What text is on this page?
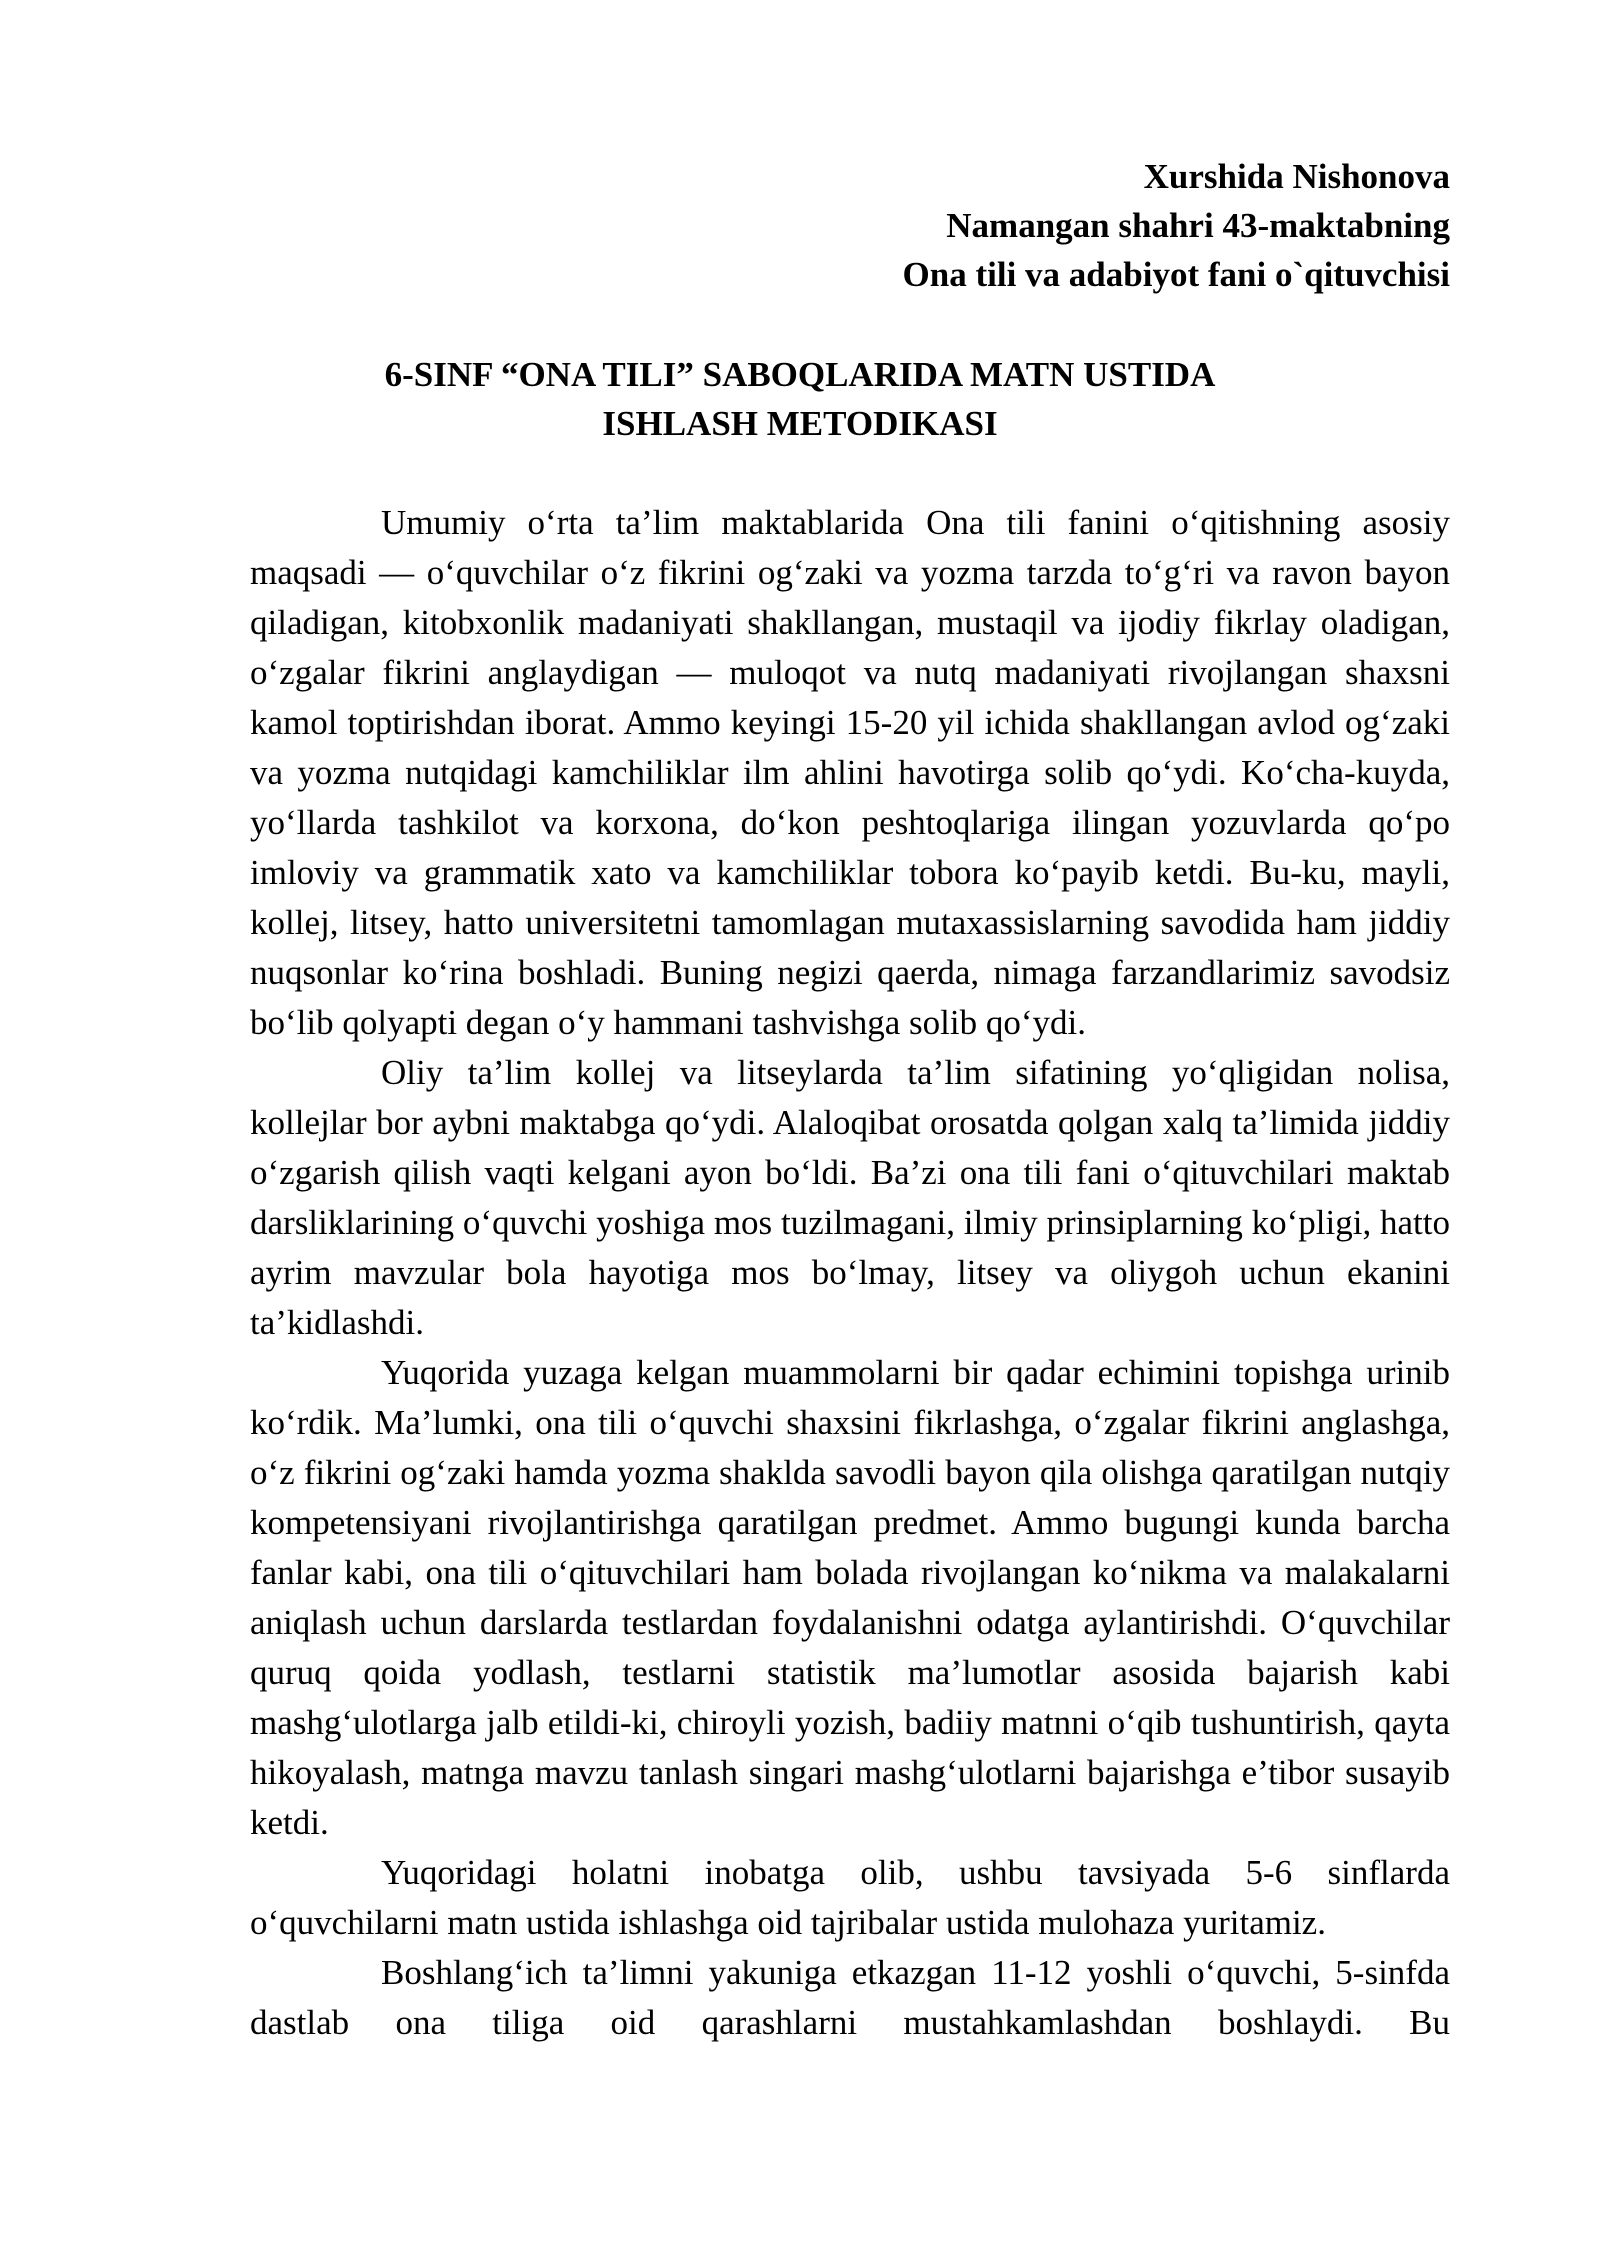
Xurshida Nishonova
Namangan shahri 43-maktabning
Ona tili va adabiyot fani o`qituvchisi
6-SINF “ONA TILI” SABOQLARIDA MATN USTIDA
ISHLASH METODIKASI

Umumiy o‘rta ta’lim maktablarida Ona tili fanini o‘qitishning asosiy maqsadi — o‘quvchilar o‘z fikrini og‘zaki va yozma tarzda to‘g‘ri va ravon bayon qiladigan, kitobxonlik madaniyati shakllangan, mustaqil va ijodiy fikrlay oladigan, o‘zgalar fikrini anglaydigan — muloqot va nutq madaniyati rivojlangan shaxsni kamol toptirishdan iborat. Ammo keyingi 15-20 yil ichida shakllangan avlod og‘zaki va yozma nutqidagi kamchiliklar ilm ahlini havotirga solib qo‘ydi. Ko‘cha-kuyda, yo‘llarda tashkilot va korxona, do‘kon peshtoqlariga ilingan yozuvlarda qo‘po imloviy va grammatik xato va kamchiliklar tobora ko‘payib ketdi. Bu-ku, mayli, kollej, litsey, hatto universitetni tamomlagan mutaxassislarning savodida ham jiddiy nuqsonlar ko‘rina boshladi. Buning negizi qaerda, nimaga farzandlarimiz savodsiz bo‘lib qolyapti degan o‘y hammani tashvishga solib qo‘ydi.

Oliy ta’lim kollej va litseylarda ta’lim sifatining yo‘qligidan nolisa, kollejlar bor aybni maktabga qo‘ydi. Alaloqibat orosatda qolgan xalq ta’limida jiddiy o‘zgarish qilish vaqti kelgani ayon bo‘ldi. Ba’zi ona tili fani o‘qituvchilari maktab darsliklarining o‘quvchi yoshiga mos tuzilmagani, ilmiy prinsiplarning ko‘pligi, hatto ayrim mavzular bola hayotiga mos bo‘lmay, litsey va oliygoh uchun ekanini ta’kidlashdi.

Yuqorida yuzaga kelgan muammolarni bir qadar echimini topishga urinib ko‘rdik. Ma’lumki, ona tili o‘quvchi shaxsini fikrlashga, o‘zgalar fikrini anglashga, o‘z fikrini og‘zaki hamda yozma shaklda savodli bayon qila olishga qaratilgan nutqiy kompetensiyani rivojlantirishga qaratilgan predmet. Ammo bugungi kunda barcha fanlar kabi, ona tili o‘qituvchilari ham bolada rivojlangan ko‘nikma va malakalarni aniqlash uchun darslarda testlardan foydalanishni odatga aylantirishdi. O‘quvchilar quruq qoida yodlash, testlarni statistik ma’lumotlar asosida bajarish kabi mashg‘ulotlarga jalb etildi-ki, chiroyli yozish, badiiy matnni o‘qib tushuntirish, qayta hikoyalash, matnga mavzu tanlash singari mashg‘ulotlarni bajarishga e’tibor susayib ketdi.

Yuqoridagi holatni inobatga olib, ushbu tavsiyada 5-6 sinflarda o‘quvchilarni matn ustida ishlashga oid tajribalar ustida mulohaza yuritamiz.

Boshlang‘ich ta’limni yakuniga etkazgan 11-12 yoshli o‘quvchi, 5-sinfda dastlab ona tiliga oid qarashlarni mustahkamlashdan boshlaydi. Bu
